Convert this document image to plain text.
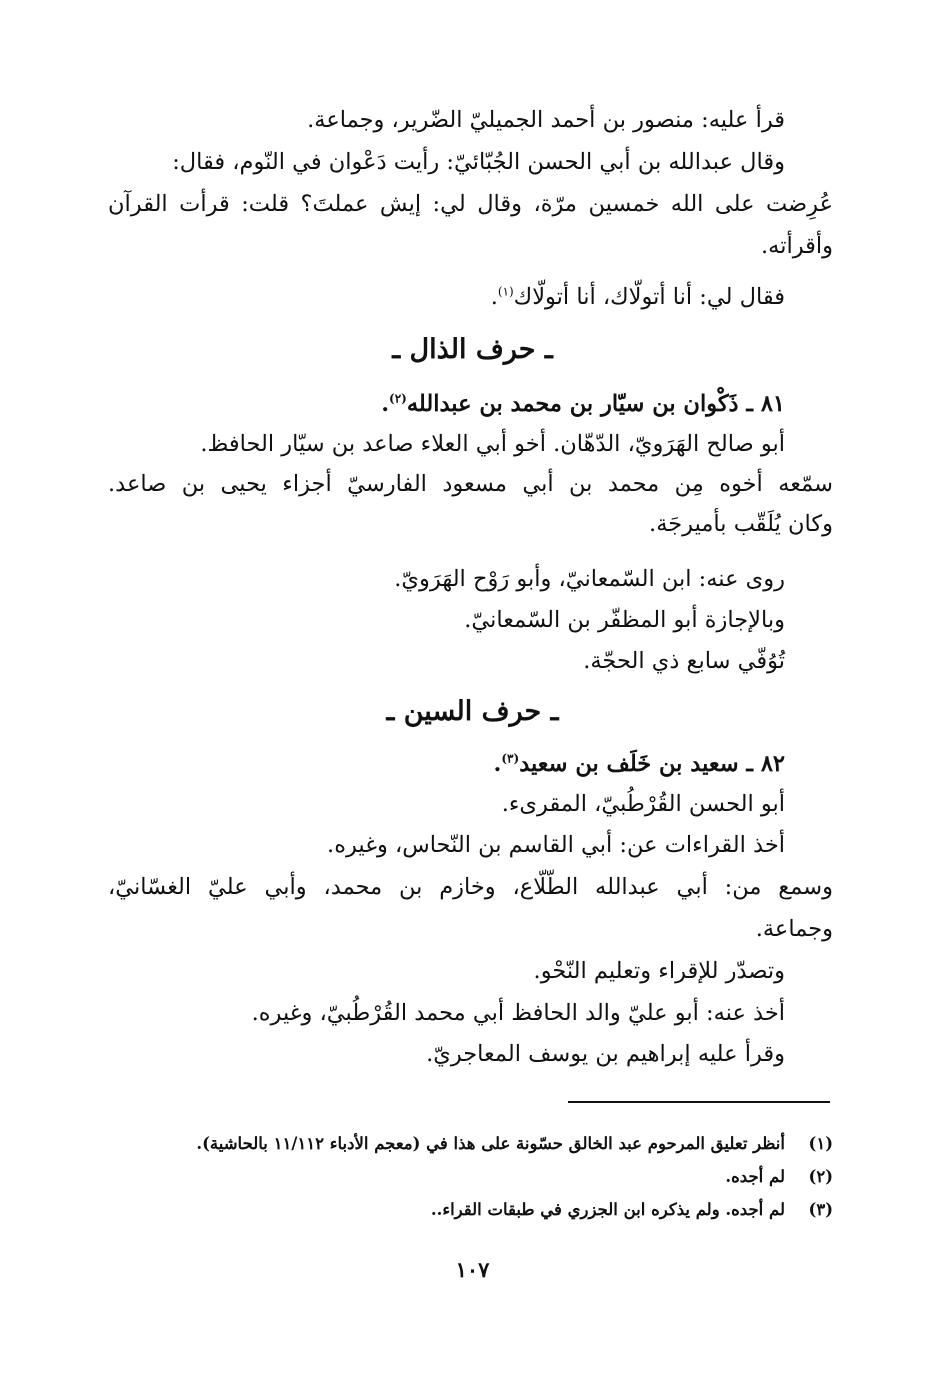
قرأ عليه: منصور بن أحمد الجميليّ الضّرير، وجماعة.

وقال عبدالله بن أبي الحسن الجُبّائيّ: رأيت دَعْوان في النّوم، فقال:

عُرِضت على الله خمسين مرّة، وقال لي: إيش عملتَ؟ قلت: قرأت القرآن

وأقرأته.

فقال لي: أنا أتولّاك، أنا أتولّاك$^{(١)}$.

ـ حرف الذال ـ

٨١ ـ ذَكْوان بن سيّار بن محمد بن عبدالله$^{(٢)}$.

أبو صالح الهَرَويّ، الدّهّان. أخو أبي العلاء صاعد بن سيّار الحافظ.

سمّعه أخوه مِن محمد بن أبي مسعود الفارسيّ أجزاء يحيى بن صاعد.

وكان يُلَقّب بأميرجَة.

روى عنه: ابن السّمعانيّ، وأبو رَوْح الهَرَويّ.

وبالإجازة أبو المظفّر بن السّمعانيّ.

تُوُفّي سابع ذي الحجّة.

ـ حرف السين ـ

٨٢ ـ سعيد بن خَلَف بن سعيد$^{(٣)}$.

أبو الحسن القُرْطُبيّ، المقرىء.

أخذ القراءات عن: أبي القاسم بن النّحاس، وغيره.

وسمع من: أبي عبدالله الطّلّاع، وخازم بن محمد، وأبي عليّ الغسّانيّ،

وجماعة.

وتصدّر للإقراء وتعليم النّحْو.

أخذ عنه: أبو عليّ والد الحافظ أبي محمد القُرْطُبيّ، وغيره.

وقرأ عليه إبراهيم بن يوسف المعاجريّ.

(١)أنظر تعليق المرحوم عبد الخالق حسّونة على هذا في (معجم الأدباء ١١/١١٢ بالحاشية).

(٢)لم أجده.

(٣)لم أجده. ولم يذكره ابن الجزري في طبقات القراء..

١٠٧
